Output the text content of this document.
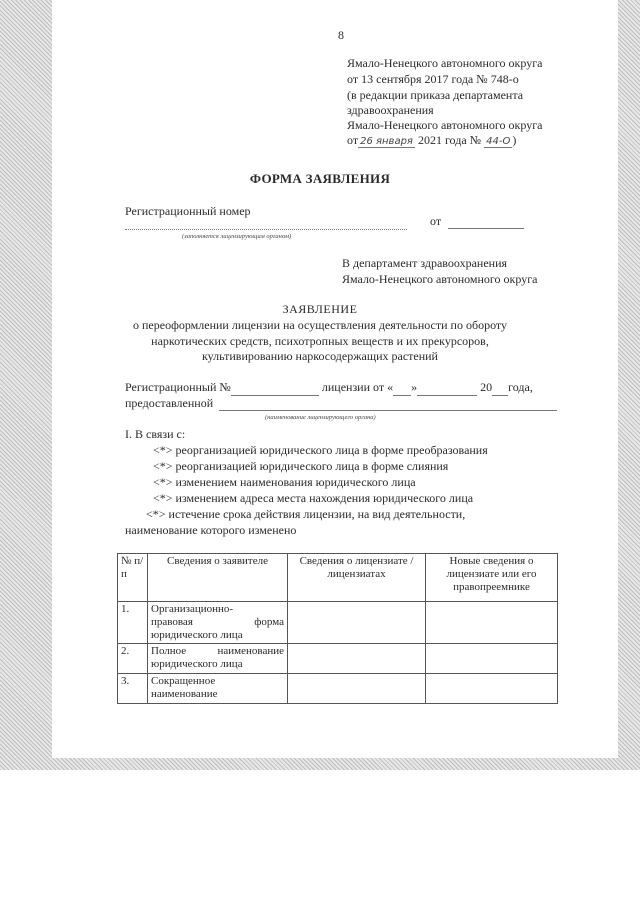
8
Ямало-Ненецкого автономного округа
от 13 сентября 2017 года № 748-о
(в редакции приказа департамента
здравоохранения
Ямало-Ненецкого автономного округа
от 26 января 2021 года № 44-О )
ФОРМА ЗАЯВЛЕНИЯ
Регистрационный номер
от
(заполняется лицензирующим органом)
В департамент здравоохранения
Ямало-Ненецкого автономного округа
ЗАЯВЛЕНИЕ
о переоформлении лицензии на осуществления деятельности по обороту
наркотических средств, психотропных веществ и их прекурсоров,
культивированию наркосодержащих растений
Регистрационный №	лицензии от « »	20 года,
предоставленной
(наименование лицензирующего органа)
I. В связи с:
<*> реорганизацией юридического лица в форме преобразования
<*> реорганизацией юридического лица в форме слияния
<*> изменением наименования юридического лица
<*> изменением адреса места нахождения юридического лица
<*> истечение срока действия лицензии, на вид деятельности,
наименование которого изменено
№ п/п	Сведения о заявителе	Сведения о лицензиате /лицензиатах	Новые сведения о лицензиате или его правопреемнике
1.	Организационно-
правовая форма
юридического лица		

2.	Полное наименование
юридического лица		

3.	Сокращенное
наименование		
